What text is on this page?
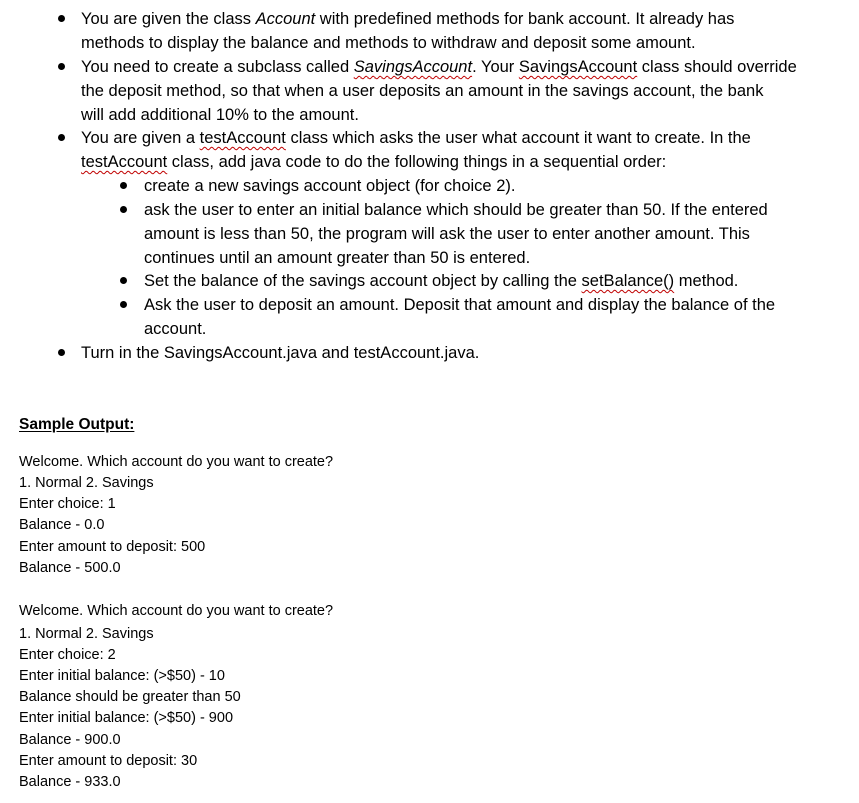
You are given the class Account with predefined methods for bank account. It already has
methods to display the balance and methods to withdraw and deposit some amount.
You need to create a subclass called SavingsAccount. Your SavingsAccount class should override
the deposit method, so that when a user deposits an amount in the savings account, the bank
will add additional 10% to the amount.
You are given a testAccount class which asks the user what account it want to create. In the
testAccount class, add java code to do the following things in a sequential order:
create a new savings account object (for choice 2).
ask the user to enter an initial balance which should be greater than 50. If the entered
amount is less than 50, the program will ask the user to enter another amount. This
continues until an amount greater than 50 is entered.
Set the balance of the savings account object by calling the setBalance() method.
Ask the user to deposit an amount. Deposit that amount and display the balance of the
account.
Turn in the SavingsAccount.java and testAccount.java.
Sample Output:
Welcome. Which account do you want to create?
1. Normal 2. Savings
Enter choice: 1
Balance - 0.0
Enter amount to deposit: 500
Balance - 500.0
Welcome. Which account do you want to create?
1. Normal 2. Savings
Enter choice: 2
Enter initial balance: (>$50) - 10
Balance should be greater than 50
Enter initial balance: (>$50) - 900
Balance - 900.0
Enter amount to deposit: 30
Balance - 933.0
